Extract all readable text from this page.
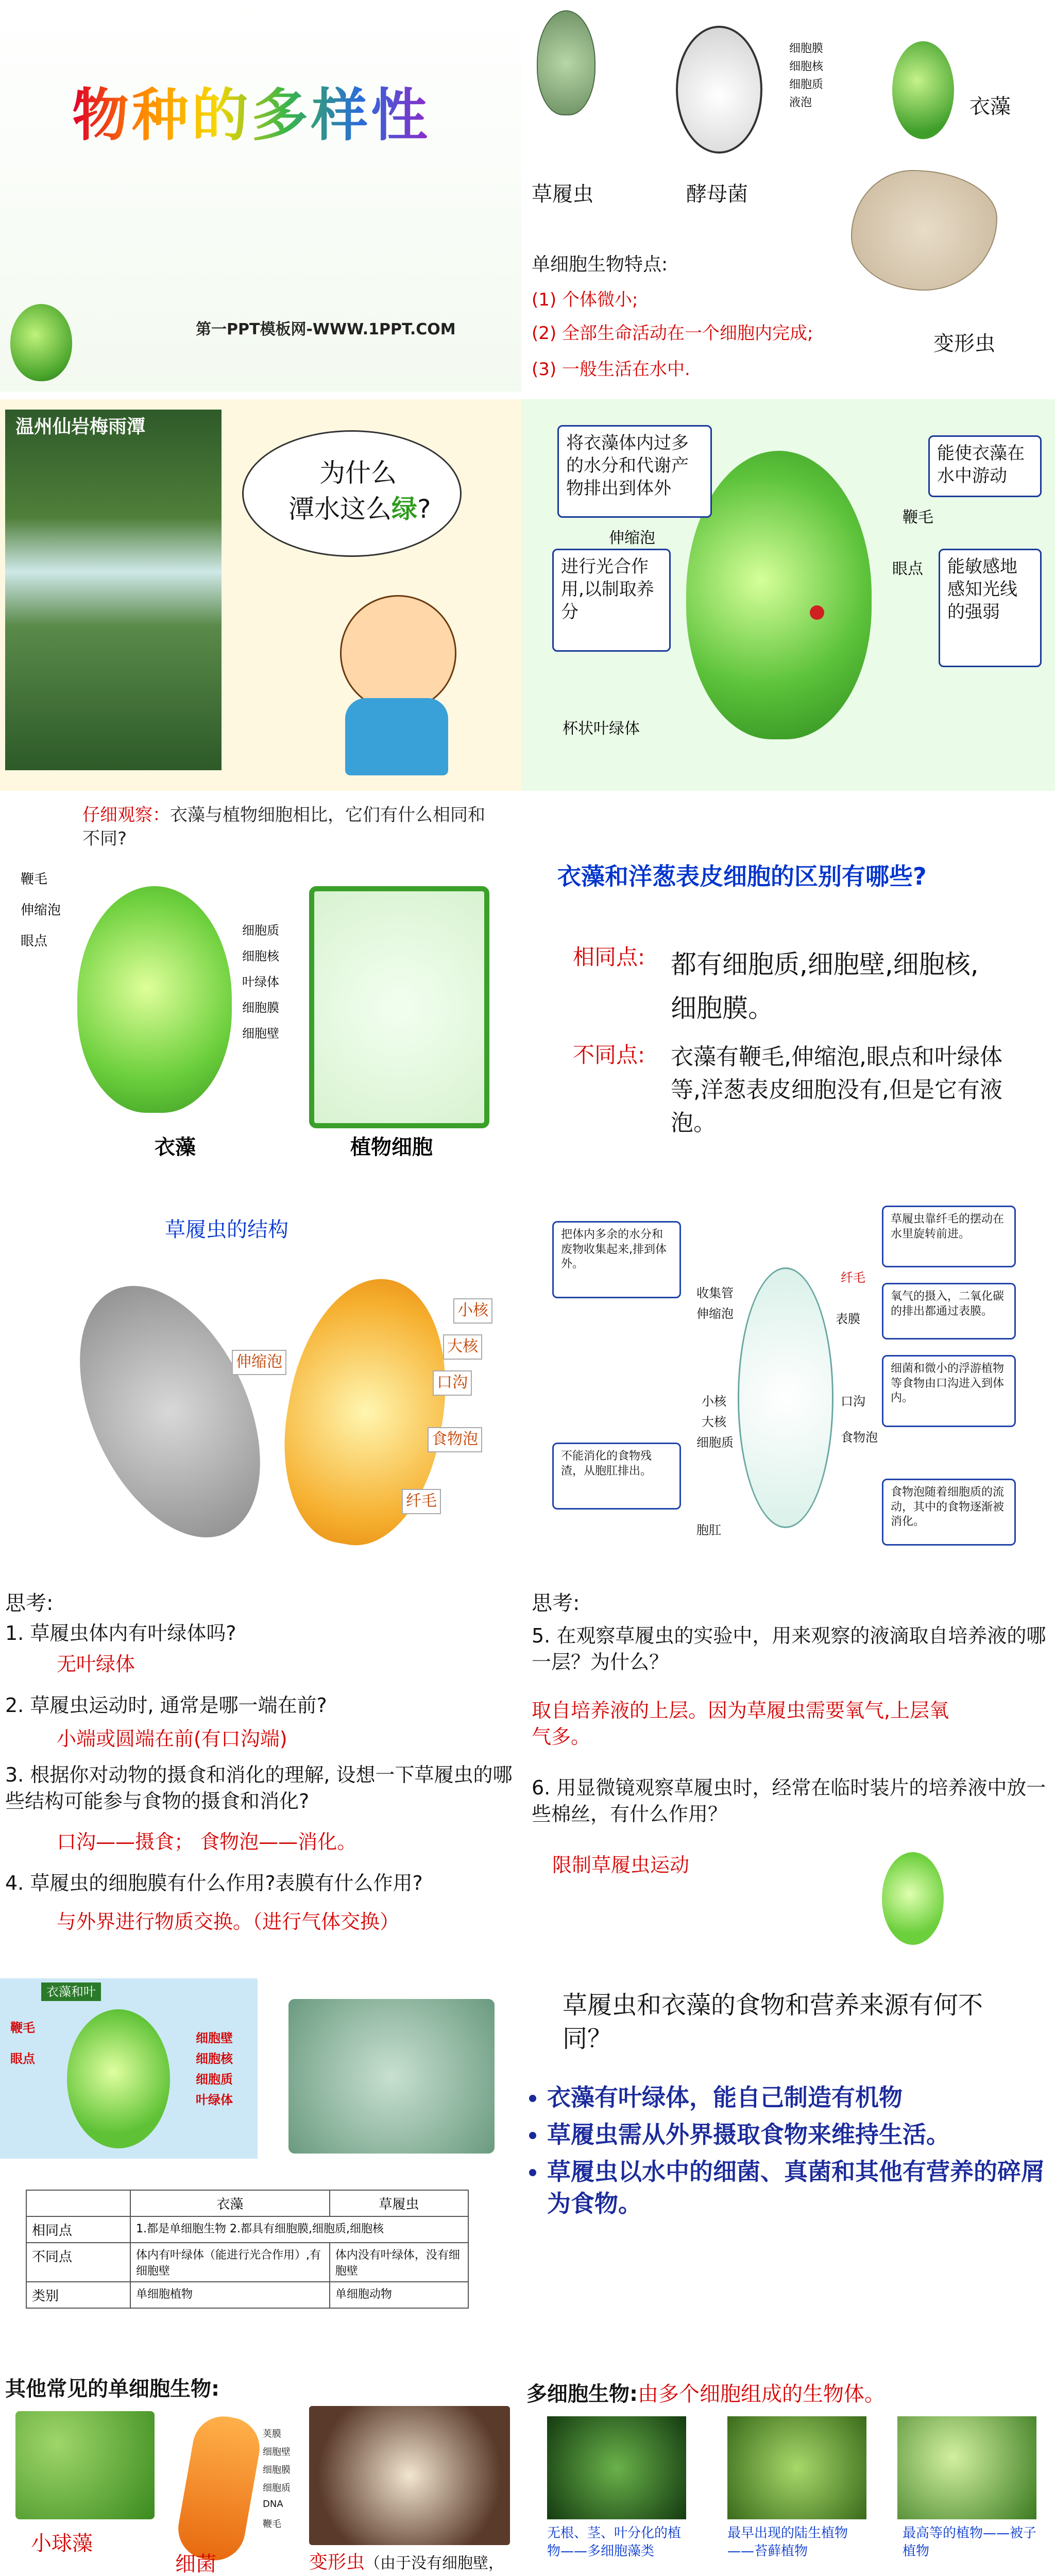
物种的多样性
第一PPT模板网-WWW.1PPT.COM
草履虫
细胞膜
细胞核
细胞质
液泡
酵母菌
衣藻
变形虫
单细胞生物特点:
(1) 个体微小;
(2) 全部生命活动在一个细胞内完成;
(3) 一般生活在水中.
温州仙岩梅雨潭
为什么
潭水这么绿?
将衣藻体内过多的水分和代谢产物排出到体外
伸缩泡
能使衣藻在水中游动
鞭毛
眼点	能敏感地感知光线的强弱
进行光合作用,以制取养分
杯状叶绿体
仔细观察：衣藻与植物细胞相比，它们有什么相同和不同?
鞭毛
伸缩泡
眼点
细胞质
细胞核
叶绿体
细胞膜
细胞壁
衣藻	植物细胞
衣藻和洋葱表皮细胞的区别有哪些?
相同点: 都有细胞质,细胞壁,细胞核,细胞膜。
不同点: 衣藻有鞭毛,伸缩泡,眼点和叶绿体等,洋葱表皮细胞没有,但是它有液泡。
草履虫的结构
小核
大核
伸缩泡
口沟
食物泡
纤毛
把体内多余的水分和废物收集起来,排到体外。
不能消化的食物残渣，从胞肛排出。
草履虫靠纤毛的摆动在水里旋转前进。
氧气的摄入，二氧化碳的排出都通过表膜。
细菌和微小的浮游植物等食物由口沟进入到体内。
食物泡随着细胞质的流动，其中的食物逐渐被消化。
收集管
伸缩泡
小核
大核
细胞质
表膜
纤毛
口沟
食物泡
胞肛
思考:
1. 草履虫体内有叶绿体吗?
无叶绿体
2. 草履虫运动时, 通常是哪一端在前?
小端或圆端在前(有口沟端)
3. 根据你对动物的摄食和消化的理解, 设想一下草履虫的哪些结构可能参与食物的摄食和消化?
口沟——摄食； 食物泡——消化。
4. 草履虫的细胞膜有什么作用?表膜有什么作用?
与外界进行物质交换。（进行气体交换）
思考:
5. 在观察草履虫的实验中，用来观察的液滴取自培养液的哪一层？为什么？
取自培养液的上层。因为草履虫需要氧气,上层氧气多。
6. 用显微镜观察草履虫时，经常在临时装片的培养液中放一些棉丝，有什么作用？
限制草履虫运动
衣藻和叶
鞭毛
眼点
细胞壁
细胞核
细胞质
叶绿体
	衣藻	草履虫
相同点	1.都是单细胞生物 2.都具有细胞膜,细胞质,细胞核	
不同点	体内有叶绿体（能进行光合作用）,有细胞壁	体内没有叶绿体，没有细胞壁
类别	单细胞植物	单细胞动物
草履虫和衣藻的食物和营养来源有何不同？
• 衣藻有叶绿体，能自己制造有机物
• 草履虫需从外界摄取食物来维持生活。
• 草履虫以水中的细菌、真菌和其他有营养的碎屑为食物。
其他常见的单细胞生物:
小球藻
荚膜
细胞壁
细胞膜
细胞质
DNA
鞭毛
细菌	变形虫（由于没有细胞壁，
多细胞生物:由多个细胞组成的生物体。
无根、茎、叶分化的植物——多细胞藻类
最早出现的陆生植物——苔藓植物
最高等的植物——被子植物
